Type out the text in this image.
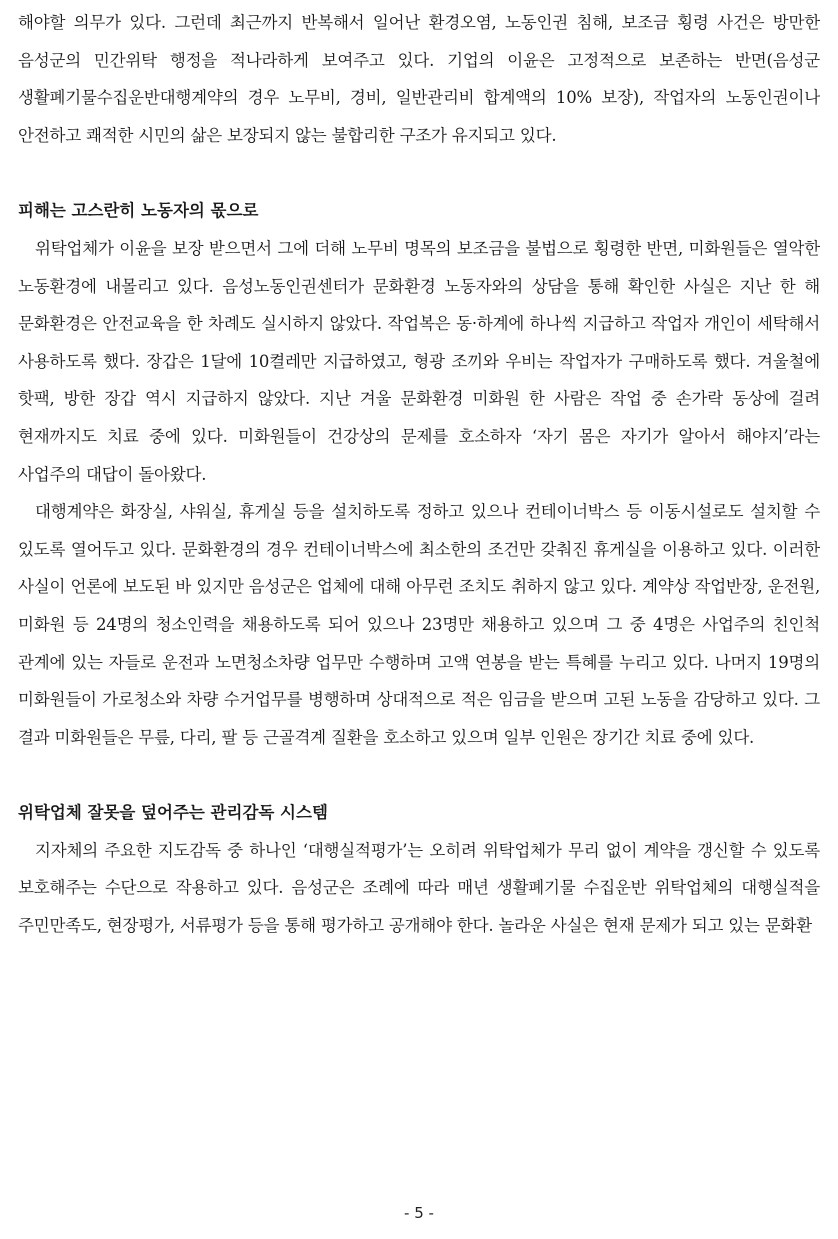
해야할 의무가 있다. 그런데 최근까지 반복해서 일어난 환경오염, 노동인권 침해, 보조금 횡령 사건은 방만한 음성군의 민간위탁 행정을 적나라하게 보여주고 있다. 기업의 이윤은 고정적으로 보존하는 반면(음성군 생활폐기물수집운반대행계약의 경우 노무비, 경비, 일반관리비 합계액의 10% 보장), 작업자의 노동인권이나 안전하고 쾌적한 시민의 삶은 보장되지 않는 불합리한 구조가 유지되고 있다.

피해는 고스란히 노동자의 몫으로

위탁업체가 이윤을 보장 받으면서 그에 더해 노무비 명목의 보조금을 불법으로 횡령한 반면, 미화원들은 열악한 노동환경에 내몰리고 있다. 음성노동인권센터가 문화환경 노동자와의 상담을 통해 확인한 사실은 지난 한 해 문화환경은 안전교육을 한 차례도 실시하지 않았다. 작업복은 동·하계에 하나씩 지급하고 작업자 개인이 세탁해서 사용하도록 했다. 장갑은 1달에 10켤레만 지급하였고, 형광 조끼와 우비는 작업자가 구매하도록 했다. 겨울철에 핫팩, 방한 장갑 역시 지급하지 않았다. 지난 겨울 문화환경 미화원 한 사람은 작업 중 손가락 동상에 걸려 현재까지도 치료 중에 있다. 미화원들이 건강상의 문제를 호소하자 ‘자기 몸은 자기가 알아서 해야지’라는 사업주의 대답이 돌아왔다.

대행계약은 화장실, 샤워실, 휴게실 등을 설치하도록 정하고 있으나 컨테이너박스 등 이동시설로도 설치할 수 있도록 열어두고 있다. 문화환경의 경우 컨테이너박스에 최소한의 조건만 갖춰진 휴게실을 이용하고 있다. 이러한 사실이 언론에 보도된 바 있지만 음성군은 업체에 대해 아무런 조치도 취하지 않고 있다. 계약상 작업반장, 운전원, 미화원 등 24명의 청소인력을 채용하도록 되어 있으나 23명만 채용하고 있으며 그 중 4명은 사업주의 친인척 관계에 있는 자들로 운전과 노면청소차량 업무만 수행하며 고액 연봉을 받는 특혜를 누리고 있다. 나머지 19명의 미화원들이 가로청소와 차량 수거업무를 병행하며 상대적으로 적은 임금을 받으며 고된 노동을 감당하고 있다. 그 결과 미화원들은 무릎, 다리, 팔 등 근골격계 질환을 호소하고 있으며 일부 인원은 장기간 치료 중에 있다.

위탁업체 잘못을 덮어주는 관리감독 시스템

지자체의 주요한 지도감독 중 하나인 ‘대행실적평가’는 오히려 위탁업체가 무리 없이 계약을 갱신할 수 있도록 보호해주는 수단으로 작용하고 있다. 음성군은 조례에 따라 매년 생활폐기물 수집운반 위탁업체의 대행실적을 주민만족도, 현장평가, 서류평가 등을 통해 평가하고 공개해야 한다. 놀라운 사실은 현재 문제가 되고 있는 문화환

- 5 -
